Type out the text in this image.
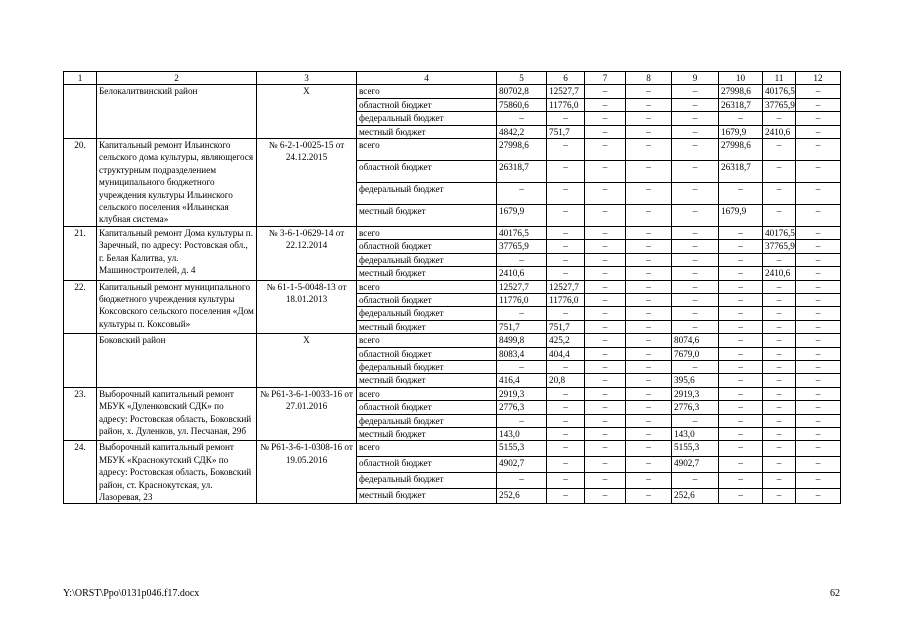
1	2	3	4	5	6	7	8	9	10	11	12
	Белокалитвинский район	Х	всего	80702,8	12527,7	–	–	–	27998,6	40176,5	–
			областной бюджет	75860,6	11776,0	–	–	–	26318,7	37765,9	–
			федеральный бюджет	–	–	–	–	–	–	–	–
			местный бюджет	4842,2	751,7	–	–	–	1679,9	2410,6	–
20.	Капитальный ремонт Ильинского сельского дома культуры, являющегося структурным подразделением муниципального бюджетного учреждения культуры Ильинского сельского поселения «Ильинская клубная система»	№ 6-2-1-0025-15 от 24.12.2015	всего	27998,6	–	–	–	–	27998,6	–	–
			областной бюджет	26318,7	–	–	–	–	26318,7	–	–
			федеральный бюджет	–	–	–	–	–	–	–	–
			местный бюджет	1679,9	–	–	–	–	1679,9	–	–
21.	Капитальный ремонт Дома культуры п. Заречный, по адресу: Ростовская обл., г. Белая Калитва, ул. Машиностроителей, д. 4	№ 3-6-1-0629-14 от 22.12.2014	всего	40176,5	–	–	–	–	–	40176,5	–
			областной бюджет	37765,9	–	–	–	–	–	37765,9	–
			федеральный бюджет	–	–	–	–	–	–	–	–
			местный бюджет	2410,6	–	–	–	–	–	2410,6	–
22.	Капитальный ремонт муниципального бюджетного учреждения культуры Коксовского сельского поселения «Дом культуры п. Коксовый»	№ 61-1-5-0048-13 от 18.01.2013	всего	12527,7	12527,7	–	–	–	–	–	–
			областной бюджет	11776,0	11776,0	–	–	–	–	–	–
			федеральный бюджет	–	–	–	–	–	–	–	–
			местный бюджет	751,7	751,7	–	–	–	–	–	–
	Боковский район	Х	всего	8499,8	425,2	–	–	8074,6	–	–	–
			областной бюджет	8083,4	404,4	–	–	7679,0	–	–	–
			федеральный бюджет	–	–	–	–	–	–	–	–
			местный бюджет	416,4	20,8	–	–	395,6	–	–	–
23.	Выборочный капитальный ремонт МБУК «Дуленковский СДК» по адресу: Ростовская область, Боковский район, х. Дуленков, ул. Песчаная, 29б	№ Р61-3-6-1-0033-16 от 27.01.2016	всего	2919,3	–	–	–	2919,3	–	–	–
			областной бюджет	2776,3	–	–	–	2776,3	–	–	–
			федеральный бюджет	–	–	–	–	–	–	–	–
			местный бюджет	143,0	–	–	–	143,0	–	–	–
24.	Выборочный капитальный ремонт МБУК «Краснокутский СДК» по адресу: Ростовская область, Боковский район, ст. Краснокутская, ул. Лазоревая, 23	№ Р61-3-6-1-0308-16 от 19.05.2016	всего	5155,3	–	–	–	5155,3	–	–	–
			областной бюджет	4902,7	–	–	–	4902,7	–	–	–
			федеральный бюджет	–	–	–	–	–	–	–	–
			местный бюджет	252,6	–	–	–	252,6	–	–	–
Y:\ORST\Ppo\0131p046.f17.docx	62
